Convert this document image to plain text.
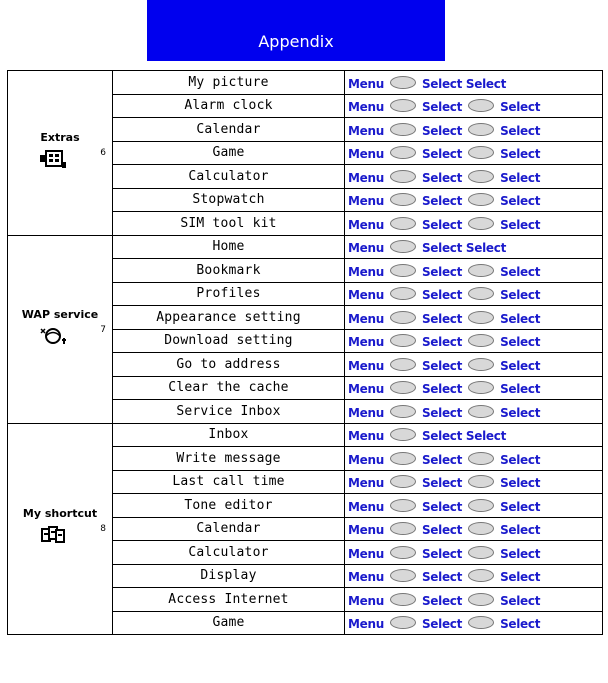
Appendix
Extras
6	My picture	Menu Select Select
	Alarm clock	Menu Select Select
	Calendar	Menu Select Select
	Game	Menu Select Select
	Calculator	Menu Select Select
	Stopwatch	Menu Select Select
	SIM tool kit	Menu Select Select

WAP service
7	Home	Menu Select Select
	Bookmark	Menu Select Select
	Profiles	Menu Select Select
	Appearance setting	Menu Select Select
	Download setting	Menu Select Select
	Go to address	Menu Select Select
	Clear the cache	Menu Select Select
	Service Inbox	Menu Select Select

My shortcut
8	Inbox	Menu Select Select
	Write message	Menu Select Select
	Last call time	Menu Select Select
	Tone editor	Menu Select Select
	Calendar	Menu Select Select
	Calculator	Menu Select Select
	Display	Menu Select Select
	Access Internet	Menu Select Select
	Game	Menu Select Select
